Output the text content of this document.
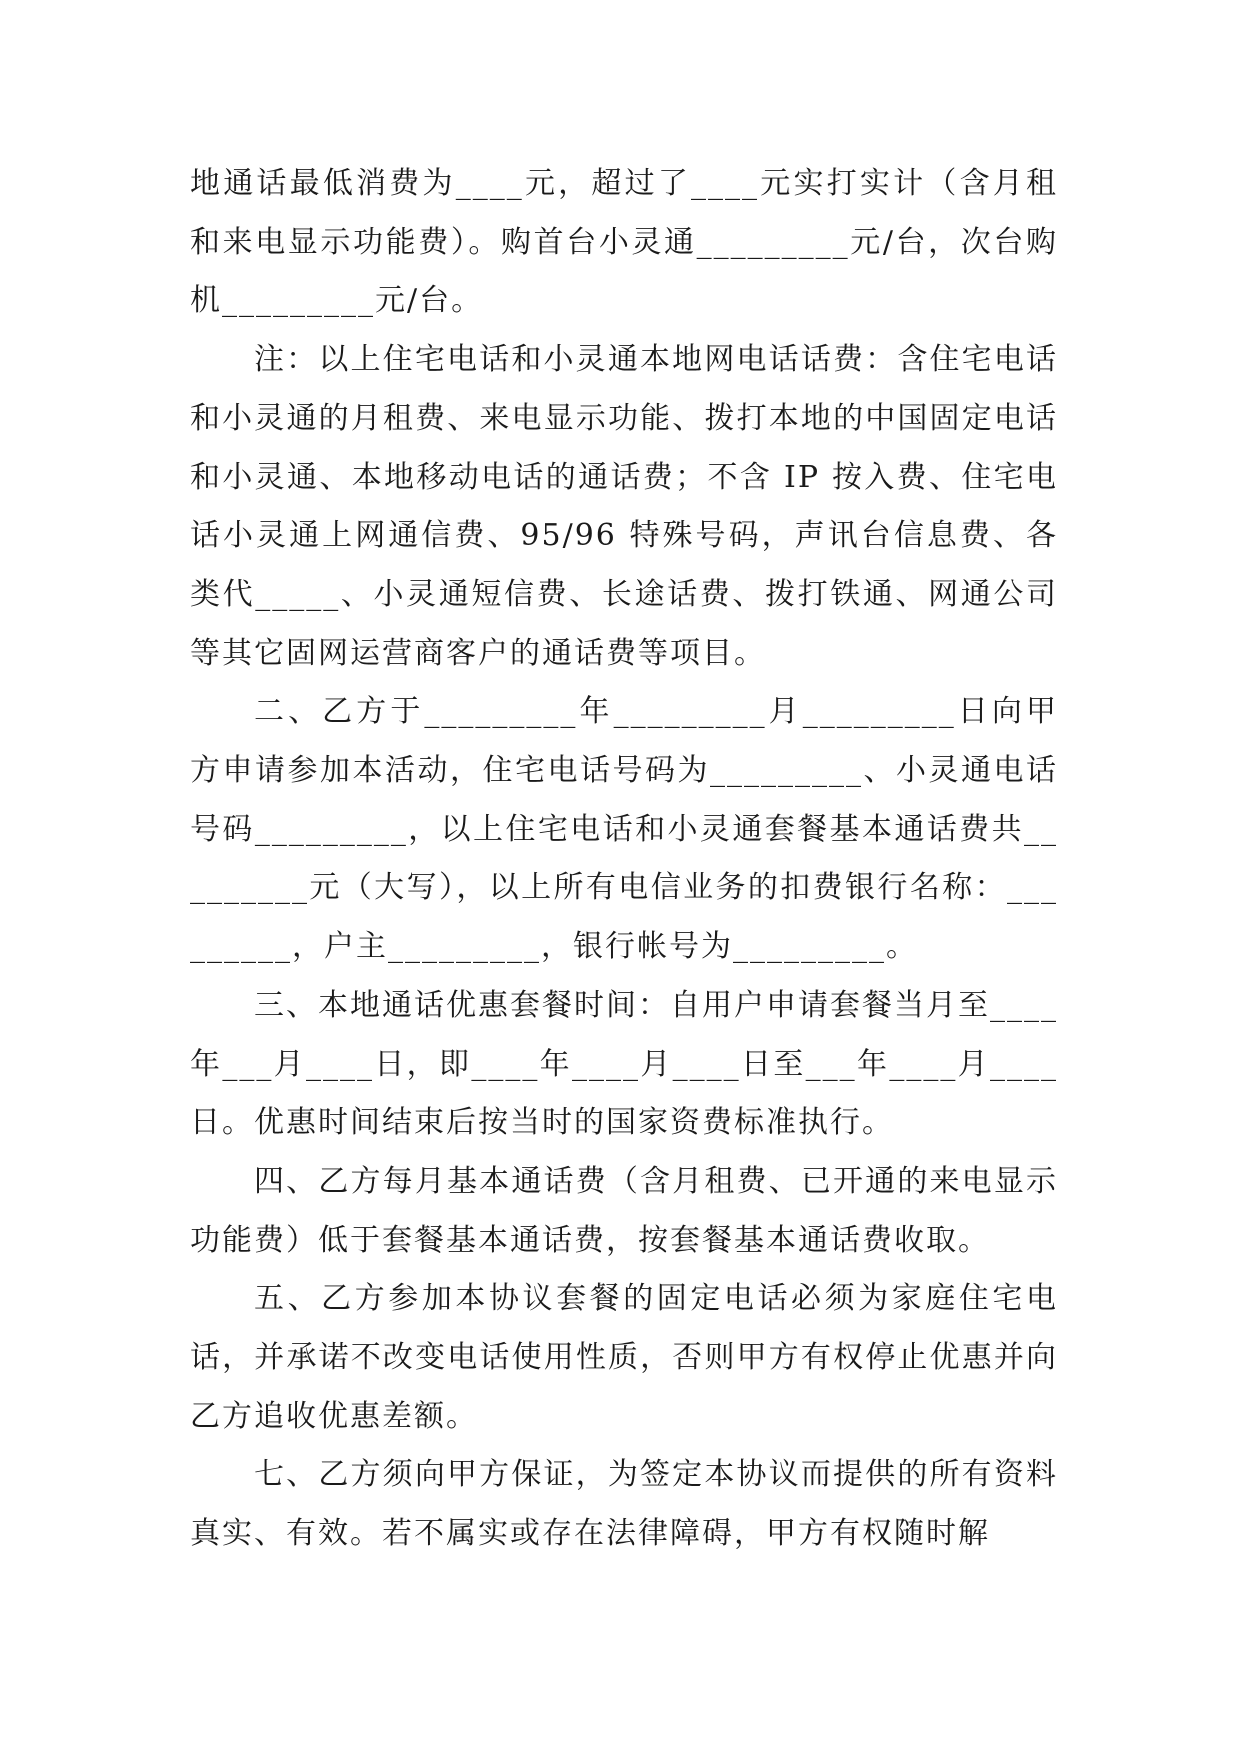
地通话最低消费为____元，超过了____元实打实计（含月租和来电显示功能费）。购首台小灵通_________元/台，次台购机_________元/台。

注：以上住宅电话和小灵通本地网电话话费：含住宅电话和小灵通的月租费、来电显示功能、拨打本地的中国固定电话和小灵通、本地移动电话的通话费；不含 IP 按入费、住宅电话小灵通上网通信费、95/96 特殊号码，声讯台信息费、各类代_____、小灵通短信费、长途话费、拨打铁通、网通公司等其它固网运营商客户的通话费等项目。

二、乙方于_________年_________月_________日向甲方申请参加本活动，住宅电话号码为_________、小灵通电话号码_________，以上住宅电话和小灵通套餐基本通话费共_________元（大写），以上所有电信业务的扣费银行名称：_________，户主_________，银行帐号为_________。

三、本地通话优惠套餐时间：自用户申请套餐当月至____年___月____日，即____年____月____日至___年____月____日。优惠时间结束后按当时的国家资费标准执行。

四、乙方每月基本通话费（含月租费、已开通的来电显示功能费）低于套餐基本通话费，按套餐基本通话费收取。

五、乙方参加本协议套餐的固定电话必须为家庭住宅电话，并承诺不改变电话使用性质，否则甲方有权停止优惠并向乙方追收优惠差额。

七、乙方须向甲方保证，为签定本协议而提供的所有资料真实、有效。若不属实或存在法律障碍，甲方有权随时解
